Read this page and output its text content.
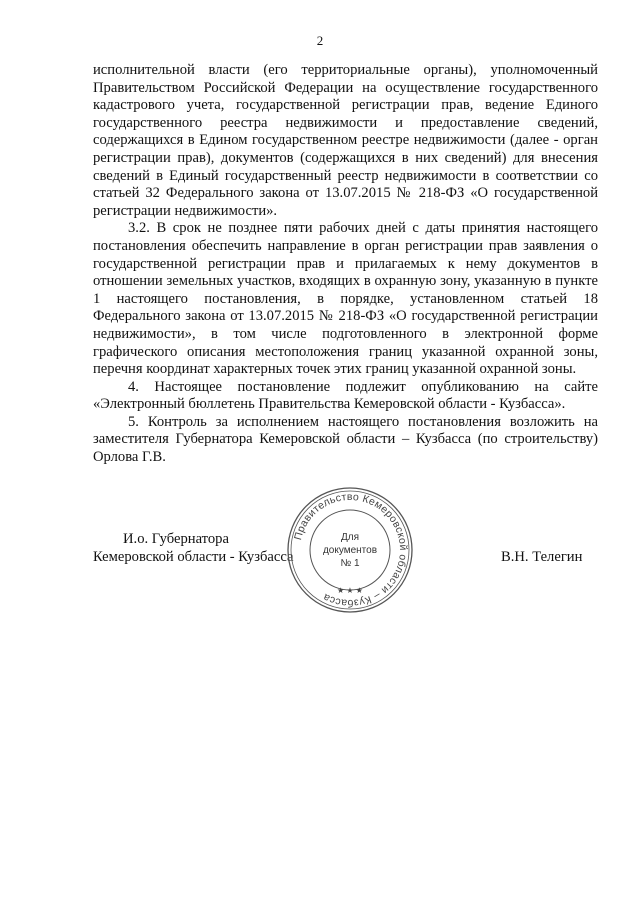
2

исполнительной власти (его территориальные органы), уполномоченный Правительством Российской Федерации на осуществление государственного кадастрового учета, государственной регистрации прав, ведение Единого государственного реестра недвижимости и предоставление сведений, содержащихся в Едином государственном реестре недвижимости (далее - орган регистрации прав), документов (содержащихся в них сведений) для внесения сведений в Единый государственный реестр недвижимости в соответствии со статьей 32 Федерального закона от 13.07.2015 № 218-ФЗ «О государственной регистрации недвижимости».

3.2. В срок не позднее пяти рабочих дней с даты принятия настоящего постановления обеспечить направление в орган регистрации прав заявления о государственной регистрации прав и прилагаемых к нему документов в отношении земельных участков, входящих в охранную зону, указанную в пункте 1 настоящего постановления, в порядке, установленном статьей 18 Федерального закона от 13.07.2015 № 218-ФЗ «О государственной регистрации недвижимости», в том числе подготовленного в электронной форме графического описания местоположения границ указанной охранной зоны, перечня координат характерных точек этих границ указанной охранной зоны.

4. Настоящее постановление подлежит опубликованию на сайте «Электронный бюллетень Правительства Кемеровской области - Кузбасса».

5. Контроль за исполнением настоящего постановления возложить на заместителя Губернатора Кемеровской области – Кузбасса (по строительству) Орлова Г.В.

И.о. Губернатора
Кемеровской области - Кузбасса	В.Н. Телегин
Правительство Кемеровской области – Кузбасса
★ ★ ★
Для
документов
№ 1
